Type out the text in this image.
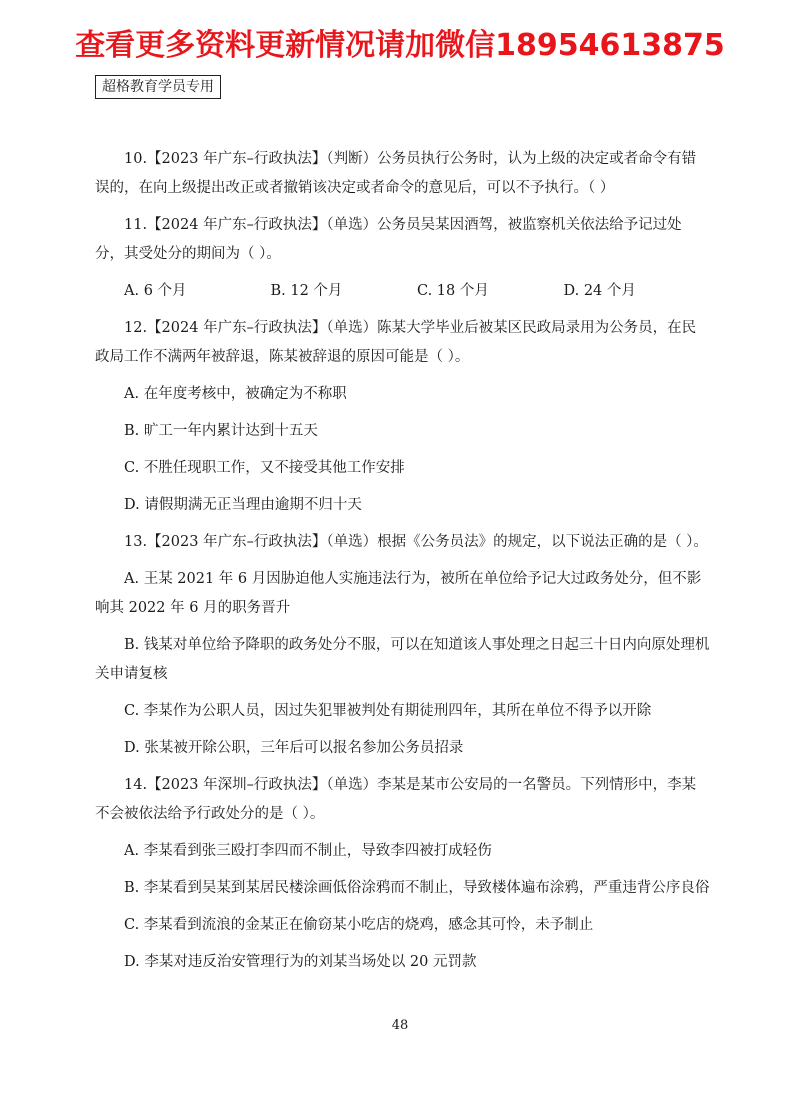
查看更多资料更新情况请加微信18954613875
超格教育学员专用

10.【2023 年广东–行政执法】（判断）公务员执行公务时，认为上级的决定或者命令有错误的，在向上级提出改正或者撤销该决定或者命令的意见后，可以不予执行。（ ）

11.【2024 年广东–行政执法】（单选）公务员吴某因酒驾，被监察机关依法给予记过处分，其受处分的期间为（ ）。

A. 6 个月	B. 12 个月	C. 18 个月	D. 24 个月

12.【2024 年广东–行政执法】（单选）陈某大学毕业后被某区民政局录用为公务员，在民政局工作不满两年被辞退，陈某被辞退的原因可能是（ ）。

A. 在年度考核中，被确定为不称职

B. 旷工一年内累计达到十五天

C. 不胜任现职工作，又不接受其他工作安排

D. 请假期满无正当理由逾期不归十天

13.【2023 年广东–行政执法】（单选）根据《公务员法》的规定，以下说法正确的是（ ）。

A. 王某 2021 年 6 月因胁迫他人实施违法行为，被所在单位给予记大过政务处分，但不影响其 2022 年 6 月的职务晋升

B. 钱某对单位给予降职的政务处分不服，可以在知道该人事处理之日起三十日内向原处理机关申请复核

C. 李某作为公职人员，因过失犯罪被判处有期徒刑四年，其所在单位不得予以开除

D. 张某被开除公职，三年后可以报名参加公务员招录

14.【2023 年深圳–行政执法】（单选）李某是某市公安局的一名警员。下列情形中，李某不会被依法给予行政处分的是（ ）。

A. 李某看到张三殴打李四而不制止，导致李四被打成轻伤

B. 李某看到吴某到某居民楼涂画低俗涂鸦而不制止，导致楼体遍布涂鸦，严重违背公序良俗

C. 李某看到流浪的金某正在偷窃某小吃店的烧鸡，感念其可怜，未予制止

D. 李某对违反治安管理行为的刘某当场处以 20 元罚款

48
